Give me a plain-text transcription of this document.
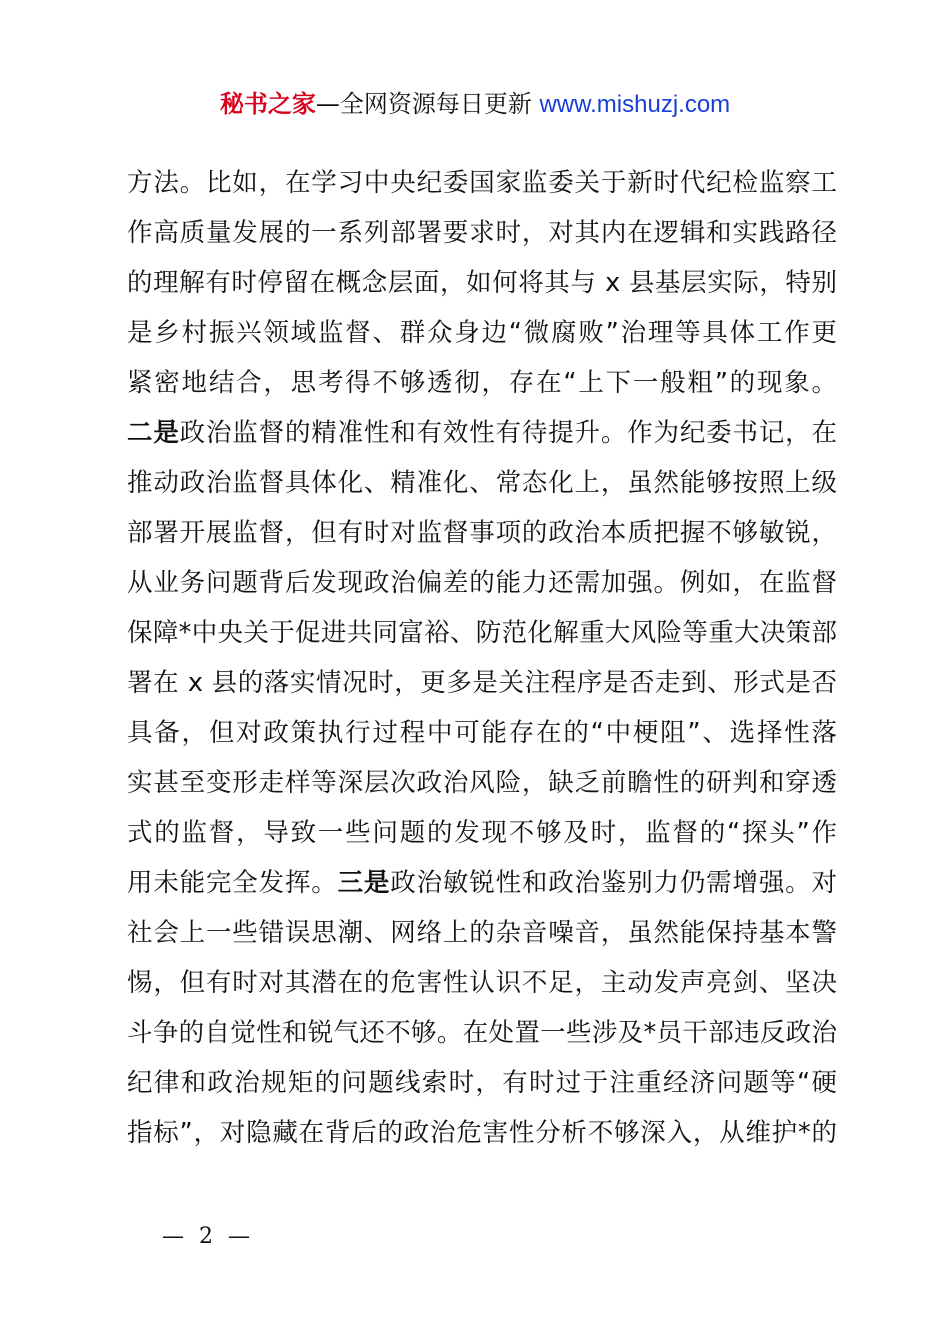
秘书之家—全网资源每日更新 www.mishuzj.com
方法。比如，在学习中央纪委国家监委关于新时代纪检监察工
作高质量发展的一系列部署要求时，对其内在逻辑和实践路径
的理解有时停留在概念层面，如何将其与 x 县基层实际，特别
是乡村振兴领域监督、群众身边“微腐败”治理等具体工作更
紧密地结合，思考得不够透彻，存在“上下一般粗”的现象。
二是政治监督的精准性和有效性有待提升。作为纪委书记，在
推动政治监督具体化、精准化、常态化上，虽然能够按照上级
部署开展监督，但有时对监督事项的政治本质把握不够敏锐，
从业务问题背后发现政治偏差的能力还需加强。例如，在监督
保障*中央关于促进共同富裕、防范化解重大风险等重大决策部
署在 x 县的落实情况时，更多是关注程序是否走到、形式是否
具备，但对政策执行过程中可能存在的“中梗阻”、选择性落
实甚至变形走样等深层次政治风险，缺乏前瞻性的研判和穿透
式的监督，导致一些问题的发现不够及时，监督的“探头”作
用未能完全发挥。三是政治敏锐性和政治鉴别力仍需增强。对
社会上一些错误思潮、网络上的杂音噪音，虽然能保持基本警
惕，但有时对其潜在的危害性认识不足，主动发声亮剑、坚决
斗争的自觉性和锐气还不够。在处置一些涉及*员干部违反政治
纪律和政治规矩的问题线索时，有时过于注重经济问题等“硬
指标”，对隐藏在背后的政治危害性分析不够深入，从维护*的
— 2 —
